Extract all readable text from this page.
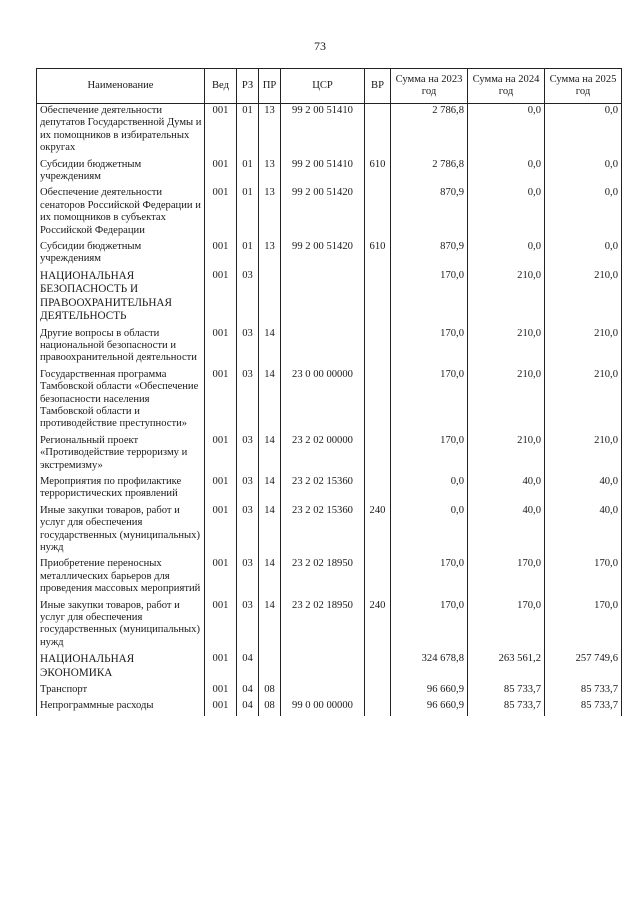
73
Наименование	Вед	РЗ	ПР	ЦСР	ВР	Сумма на 2023 год	Сумма на 2024 год	Сумма на 2025 год
Обеспечение деятельности депутатов Государственной Думы и их помощников в избирательных округах	001	01	13	99 2 00 51410		2 786,8	0,0	0,0
Субсидии бюджетным учреждениям	001	01	13	99 2 00 51410	610	2 786,8	0,0	0,0
Обеспечение деятельности сенаторов Российской Федерации и их помощников в субъектах Российской Федерации	001	01	13	99 2 00 51420		870,9	0,0	0,0
Субсидии бюджетным учреждениям	001	01	13	99 2 00 51420	610	870,9	0,0	0,0
НАЦИОНАЛЬНАЯ БЕЗОПАСНОСТЬ И ПРАВООХРАНИТЕЛЬНАЯ ДЕЯТЕЛЬНОСТЬ	001	03				170,0	210,0	210,0
Другие вопросы в области национальной безопасности и правоохранительной деятельности	001	03	14			170,0	210,0	210,0
Государственная программа Тамбовской области «Обеспечение безопасности населения Тамбовской области и противодействие преступности»	001	03	14	23 0 00 00000		170,0	210,0	210,0
Региональный проект «Противодействие терроризму и экстремизму»	001	03	14	23 2 02 00000		170,0	210,0	210,0
Мероприятия по профилактике террористических проявлений	001	03	14	23 2 02 15360		0,0	40,0	40,0
Иные закупки товаров, работ и услуг для обеспечения государственных (муниципальных) нужд	001	03	14	23 2 02 15360	240	0,0	40,0	40,0
Приобретение переносных металлических барьеров для проведения массовых мероприятий	001	03	14	23 2 02 18950		170,0	170,0	170,0
Иные закупки товаров, работ и услуг для обеспечения государственных (муниципальных) нужд	001	03	14	23 2 02 18950	240	170,0	170,0	170,0
НАЦИОНАЛЬНАЯ ЭКОНОМИКА	001	04				324 678,8	263 561,2	257 749,6
Транспорт	001	04	08			96 660,9	85 733,7	85 733,7
Непрограммные расходы	001	04	08	99 0 00 00000		96 660,9	85 733,7	85 733,7
